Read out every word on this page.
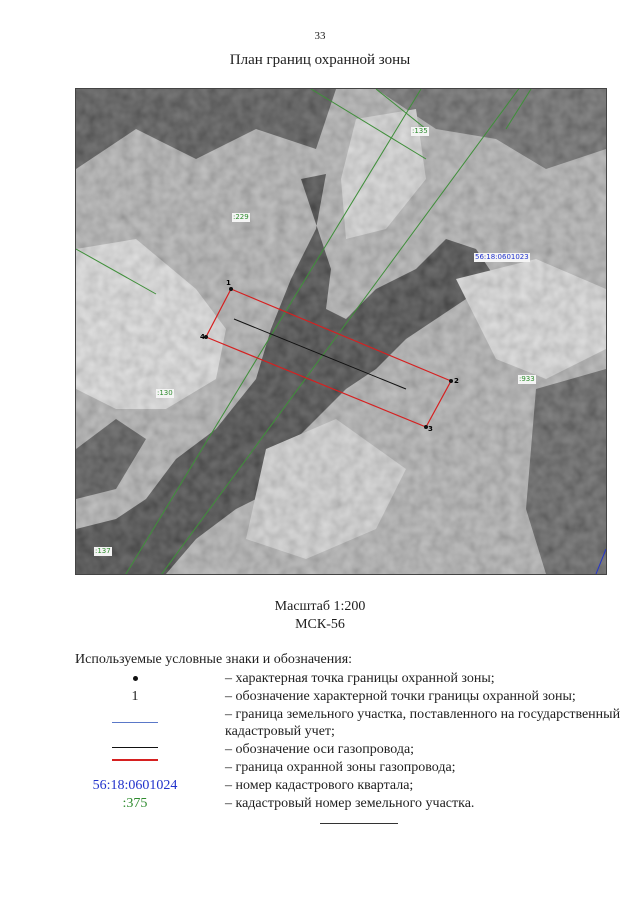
33
План границ охранной зоны
1
2
3
4
:135
:229
:130
:933
:137
56:18:0601023
Масштаб 1:200
МСК-56
Используемые условные знаки и обозначения:
– характерная точка границы охранной зоны;
1	– обозначение характерной точки границы охранной зоны;
– граница земельного участка, поставленного на государственный кадастровый учет;
– обозначение оси газопровода;
– граница охранной зоны газопровода;
56:18:0601024	– номер кадастрового квартала;
:375	– кадастровый номер земельного участка.
